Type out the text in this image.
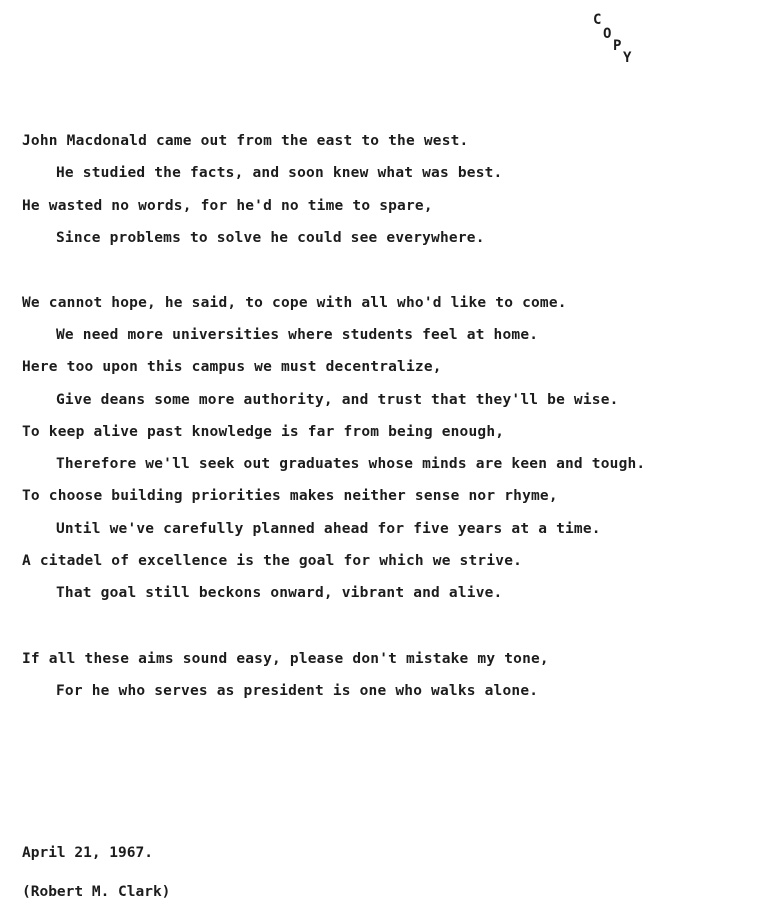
C
O
P
Y
John Macdonald came out from the east to the west.
He studied the facts, and soon knew what was best.
He wasted no words, for he'd no time to spare,
Since problems to solve he could see everywhere.
We cannot hope, he said, to cope with all who'd like to come.
We need more universities where students feel at home.
Here too upon this campus we must decentralize,
Give deans some more authority, and trust that they'll be wise.
To keep alive past knowledge is far from being enough,
Therefore we'll seek out graduates whose minds are keen and tough.
To choose building priorities makes neither sense nor rhyme,
Until we've carefully planned ahead for five years at a time.
A citadel of excellence is the goal for which we strive.
That goal still beckons onward, vibrant and alive.
If all these aims sound easy, please don't mistake my tone,
For he who serves as president is one who walks alone.
April 21, 1967.
(Robert M. Clark)
